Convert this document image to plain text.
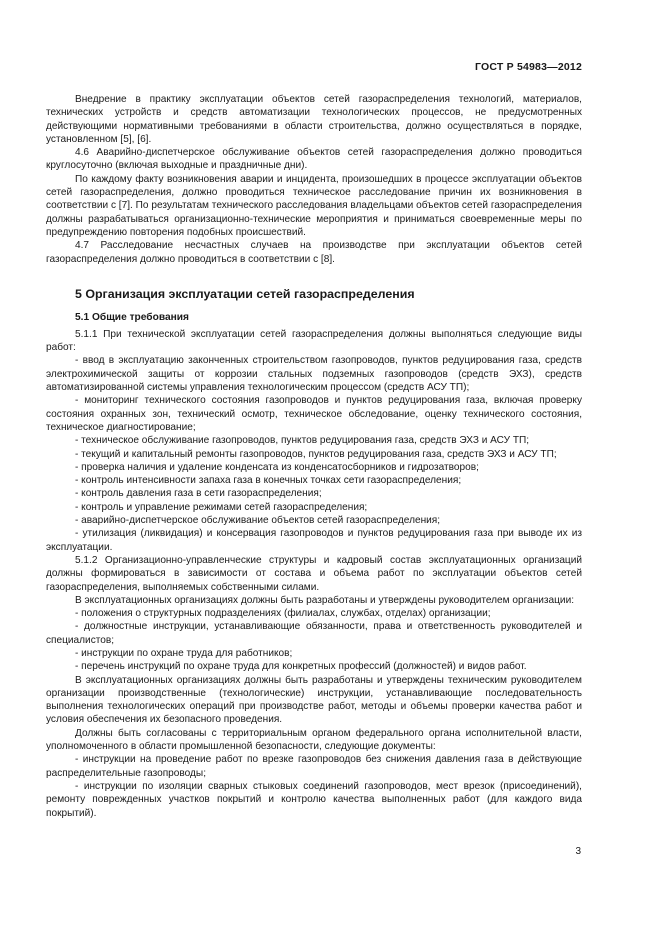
ГОСТ Р 54983—2012

Внедрение в практику эксплуатации объектов сетей газораспределения технологий, материалов, технических устройств и средств автоматизации технологических процессов, не предусмотренных действующими нормативными требованиями в области строительства, должно осуществляться в порядке, установленном [5], [6].

4.6 Аварийно-диспетчерское обслуживание объектов сетей газораспределения должно проводиться круглосуточно (включая выходные и праздничные дни).

По каждому факту возникновения аварии и инцидента, произошедших в процессе эксплуатации объектов сетей газораспределения, должно проводиться техническое расследование причин их возникновения в соответствии с [7]. По результатам технического расследования владельцами объектов сетей газораспределения должны разрабатываться организационно-технические мероприятия и приниматься своевременные меры по предупреждению повторения подобных происшествий.

4.7 Расследование несчастных случаев на производстве при эксплуатации объектов сетей газораспределения должно проводиться в соответствии с [8].

5 Организация эксплуатации сетей газораспределения
5.1 Общие требования

5.1.1 При технической эксплуатации сетей газораспределения должны выполняться следующие виды работ:

- ввод в эксплуатацию законченных строительством газопроводов, пунктов редуцирования газа, средств электрохимической защиты от коррозии стальных подземных газопроводов (средств ЭХЗ), средств автоматизированной системы управления технологическим процессом (средств АСУ ТП);

- мониторинг технического состояния газопроводов и пунктов редуцирования газа, включая проверку состояния охранных зон, технический осмотр, техническое обследование, оценку технического состояния, техническое диагностирование;

- техническое обслуживание газопроводов, пунктов редуцирования газа, средств ЭХЗ и АСУ ТП;

- текущий и капитальный ремонты газопроводов, пунктов редуцирования газа, средств ЭХЗ и АСУ ТП;

- проверка наличия и удаление конденсата из конденсатосборников и гидрозатворов;

- контроль интенсивности запаха газа в конечных точках сети газораспределения;

- контроль давления газа в сети газораспределения;

- контроль и управление режимами сетей газораспределения;

- аварийно-диспетчерское обслуживание объектов сетей газораспределения;

- утилизация (ликвидация) и консервация газопроводов и пунктов редуцирования газа при выводе их из эксплуатации.

5.1.2 Организационно-управленческие структуры и кадровый состав эксплуатационных организаций должны формироваться в зависимости от состава и объема работ по эксплуатации объектов сетей газораспределения, выполняемых собственными силами.

В эксплуатационных организациях должны быть разработаны и утверждены руководителем организации:

- положения о структурных подразделениях (филиалах, службах, отделах) организации;

- должностные инструкции, устанавливающие обязанности, права и ответственность руководителей и специалистов;

- инструкции по охране труда для работников;

- перечень инструкций по охране труда для конкретных профессий (должностей) и видов работ.

В эксплуатационных организациях должны быть разработаны и утверждены техническим руководителем организации производственные (технологические) инструкции, устанавливающие последовательность выполнения технологических операций при производстве работ, методы и объемы проверки качества работ и условия обеспечения их безопасного проведения.

Должны быть согласованы с территориальным органом федерального органа исполнительной власти, уполномоченного в области промышленной безопасности, следующие документы:

- инструкции на проведение работ по врезке газопроводов без снижения давления газа в действующие распределительные газопроводы;

- инструкции по изоляции сварных стыковых соединений газопроводов, мест врезок (присоединений), ремонту поврежденных участков покрытий и контролю качества выполненных работ (для каждого вида покрытий).

3
